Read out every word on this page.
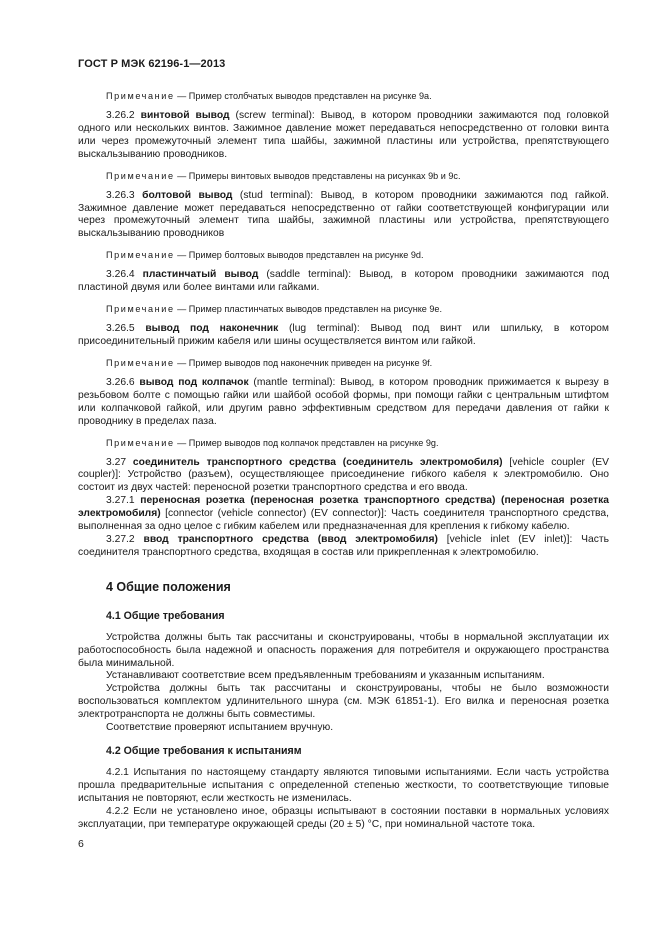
ГОСТ Р МЭК 62196-1—2013

Примечание — Пример столбчатых выводов представлен на рисунке 9а.

3.26.2 винтовой вывод (screw terminal): Вывод, в котором проводники зажимаются под головкой одного или нескольких винтов. Зажимное давление может передаваться непосредственно от головки винта или через промежуточный элемент типа шайбы, зажимной пластины или устройства, препятствующего выскальзыванию проводников.

Примечание — Примеры винтовых выводов представлены на рисунках 9b и 9c.

3.26.3 болтовой вывод (stud terminal): Вывод, в котором проводники зажимаются под гайкой. Зажимное давление может передаваться непосредственно от гайки соответствующей конфигурации или через промежуточный элемент типа шайбы, зажимной пластины или устройства, препятствующего выскальзыванию проводников

Примечание — Пример болтовых выводов представлен на рисунке 9d.

3.26.4 пластинчатый вывод (saddle terminal): Вывод, в котором проводники зажимаются под пластиной двумя или более винтами или гайками.

Примечание — Пример пластинчатых выводов представлен на рисунке 9е.

3.26.5 вывод под наконечник (lug terminal): Вывод под винт или шпильку, в котором присоединительный прижим кабеля или шины осуществляется винтом или гайкой.

Примечание — Пример выводов под наконечник приведен на рисунке 9f.

3.26.6 вывод под колпачок (mantle terminal): Вывод, в котором проводник прижимается к вырезу в резьбовом болте с помощью гайки или шайбой особой формы, при помощи гайки с центральным штифтом или колпачковой гайкой, или другим равно эффективным средством для передачи давления от гайки к проводнику в пределах паза.

Примечание — Пример выводов под колпачок представлен на рисунке 9g.

3.27 соединитель транспортного средства (соединитель электромобиля) [vehicle coupler (EV coupler)]: Устройство (разъем), осуществляющее присоединение гибкого кабеля к электромобилю. Оно состоит из двух частей: переносной розетки транспортного средства и его ввода.

3.27.1 переносная розетка (переносная розетка транспортного средства) (переносная розетка электромобиля) [connector (vehicle connector) (EV connector)]: Часть соединителя транспортного средства, выполненная за одно целое с гибким кабелем или предназначенная для крепления к гибкому кабелю.

3.27.2 ввод транспортного средства (ввод электромобиля) [vehicle inlet (EV inlet)]: Часть соединителя транспортного средства, входящая в состав или прикрепленная к электромобилю.

4 Общие положения
4.1 Общие требования

Устройства должны быть так рассчитаны и сконструированы, чтобы в нормальной эксплуатации их работоспособность была надежной и опасность поражения для потребителя и окружающего пространства была минимальной.

Устанавливают соответствие всем предъявленным требованиям и указанным испытаниям.

Устройства должны быть так рассчитаны и сконструированы, чтобы не было возможности воспользоваться комплектом удлинительного шнура (см. МЭК 61851-1). Его вилка и переносная розетка электротранспорта не должны быть совместимы.

Соответствие проверяют испытанием вручную.

4.2 Общие требования к испытаниям

4.2.1 Испытания по настоящему стандарту являются типовыми испытаниями. Если часть устройства прошла предварительные испытания с определенной степенью жесткости, то соответствующие типовые испытания не повторяют, если жесткость не изменилась.

4.2.2 Если не установлено иное, образцы испытывают в состоянии поставки в нормальных условиях эксплуатации, при температуре окружающей среды (20 ± 5) °С, при номинальной частоте тока.

6
